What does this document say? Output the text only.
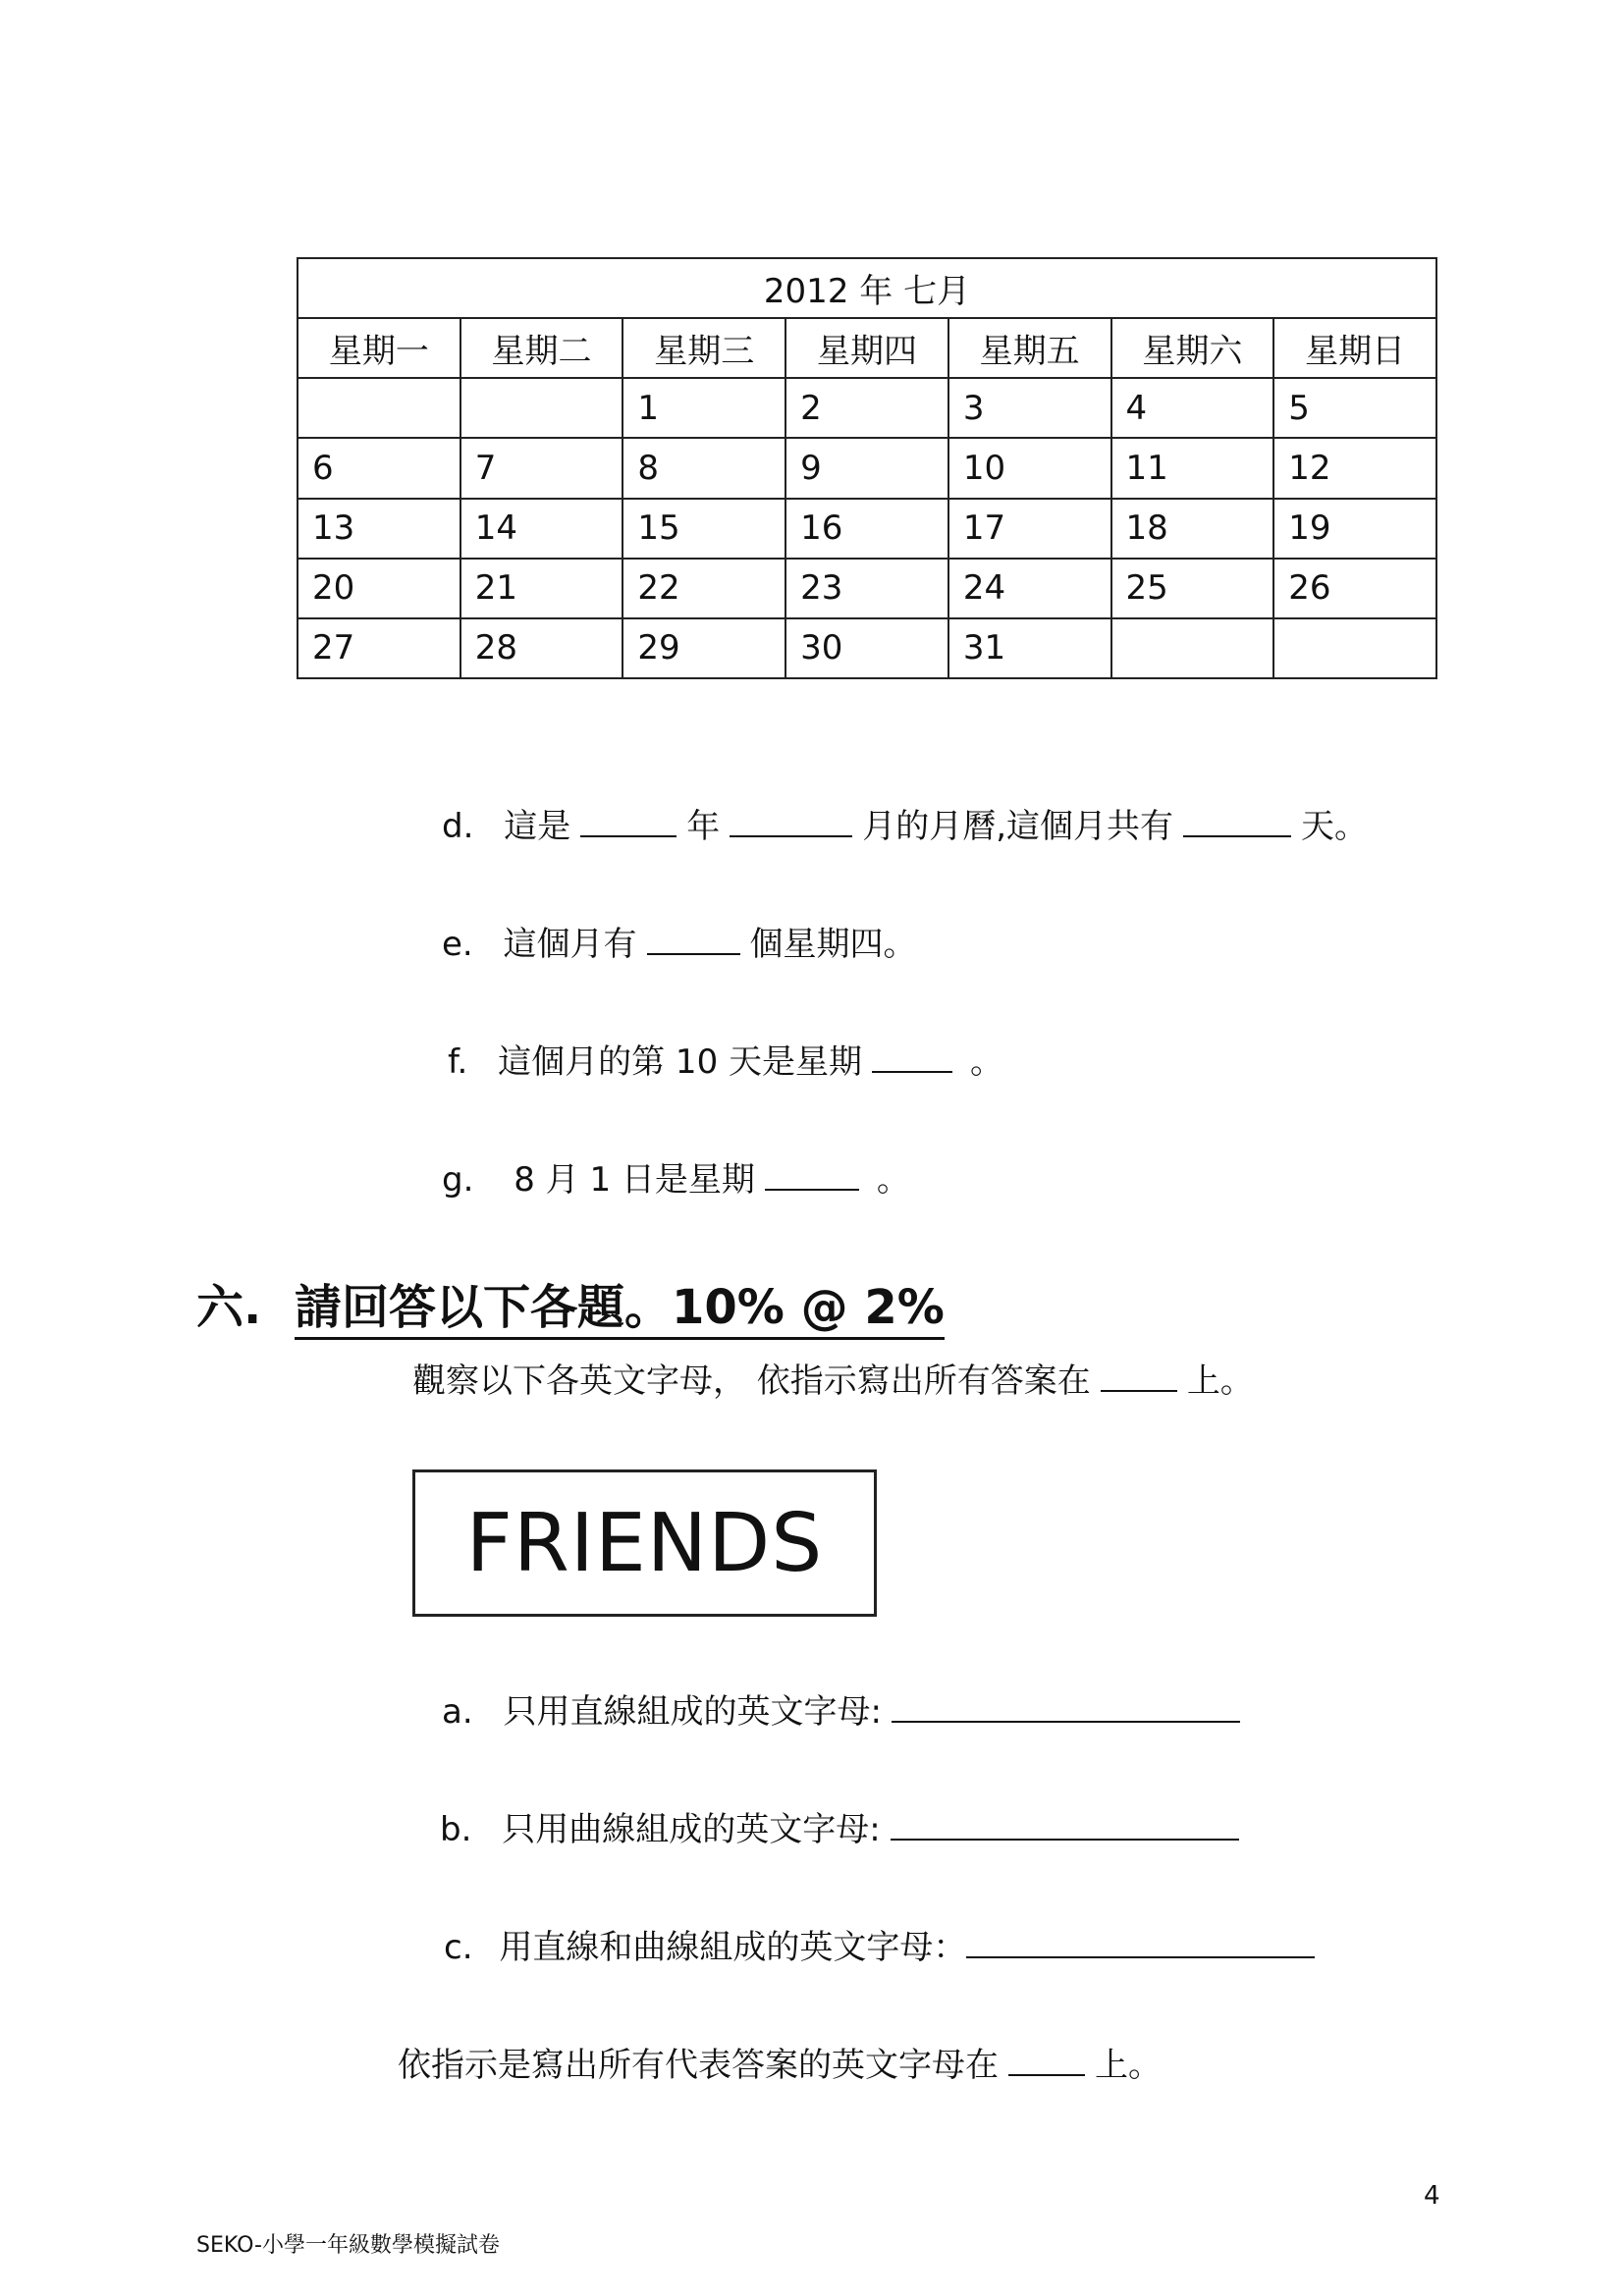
2012 年 七月						
星期一	星期二	星期三	星期四	星期五	星期六	星期日
		1	2	3	4	5
6	7	8	9	10	11	12
13	14	15	16	17	18	19
20	21	22	23	24	25	26
27	28	29	30	31		
d. 這是	年	月的月曆,這個月共有	天。
e. 這個月有	個星期四。
f. 這個月的第 10 天是星期	。
g. 8 月 1 日是星期	。
六. 請回答以下各題。10% @ 2%
觀察以下各英文字母， 依指示寫出所有答案在	上。
FRIENDS
a. 只用直線組成的英文字母:
b. 只用曲線組成的英文字母:
c. 用直線和曲線組成的英文字母：
依指示是寫出所有代表答案的英文字母在	上。
4
SEKO-小學一年級數學模擬試卷
